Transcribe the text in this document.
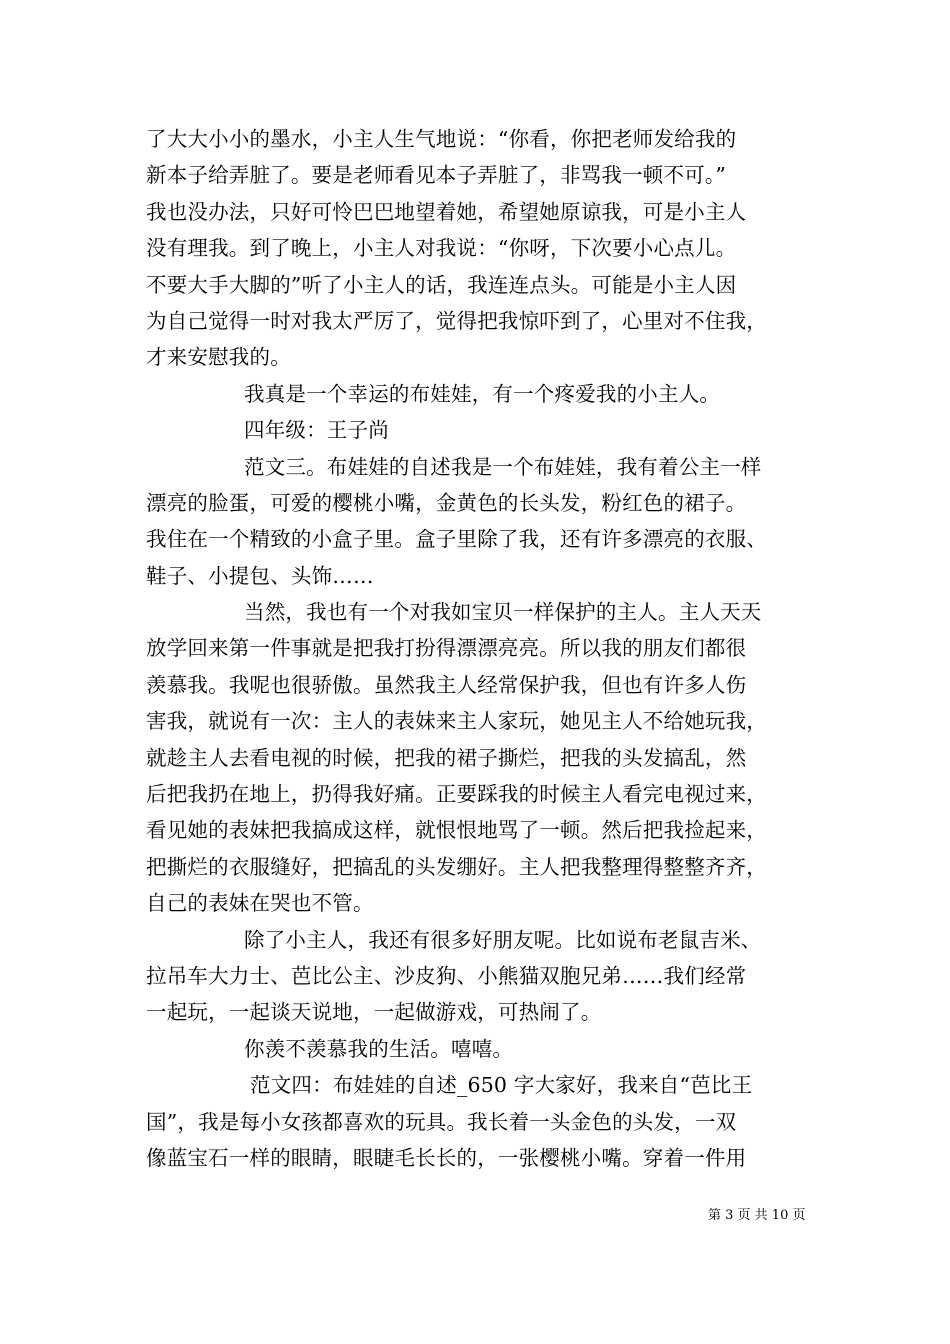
了大大小小的墨水，小主人生气地说：“你看，你把老师发给我的
新本子给弄脏了。要是老师看见本子弄脏了，非骂我一顿不可。”
我也没办法，只好可怜巴巴地望着她，希望她原谅我，可是小主人
没有理我。到了晚上，小主人对我说：“你呀，下次要小心点儿。
不要大手大脚的”听了小主人的话，我连连点头。可能是小主人因
为自己觉得一时对我太严厉了，觉得把我惊吓到了，心里对不住我，
才来安慰我的。
我真是一个幸运的布娃娃，有一个疼爱我的小主人。
四年级：王子尚
范文三。布娃娃的自述我是一个布娃娃，我有着公主一样
漂亮的脸蛋，可爱的樱桃小嘴，金黄色的长头发，粉红色的裙子。
我住在一个精致的小盒子里。盒子里除了我，还有许多漂亮的衣服、
鞋子、小提包、头饰……
当然，我也有一个对我如宝贝一样保护的主人。主人天天
放学回来第一件事就是把我打扮得漂漂亮亮。所以我的朋友们都很
羡慕我。我呢也很骄傲。虽然我主人经常保护我，但也有许多人伤
害我，就说有一次：主人的表妹来主人家玩，她见主人不给她玩我，
就趁主人去看电视的时候，把我的裙子撕烂，把我的头发搞乱，然
后把我扔在地上，扔得我好痛。正要踩我的时候主人看完电视过来，
看见她的表妹把我搞成这样，就恨恨地骂了一顿。然后把我捡起来，
把撕烂的衣服缝好，把搞乱的头发绷好。主人把我整理得整整齐齐，
自己的表妹在哭也不管。
除了小主人，我还有很多好朋友呢。比如说布老鼠吉米、
拉吊车大力士、芭比公主、沙皮狗、小熊猫双胞兄弟……我们经常
一起玩，一起谈天说地，一起做游戏，可热闹了。
你羡不羡慕我的生活。嘻嘻。
范文四：布娃娃的自述_650 字大家好，我来自“芭比王
国”，我是每小女孩都喜欢的玩具。我长着一头金色的头发，一双
像蓝宝石一样的眼睛，眼睫毛长长的，一张樱桃小嘴。穿着一件用
第 3 页 共 10 页
